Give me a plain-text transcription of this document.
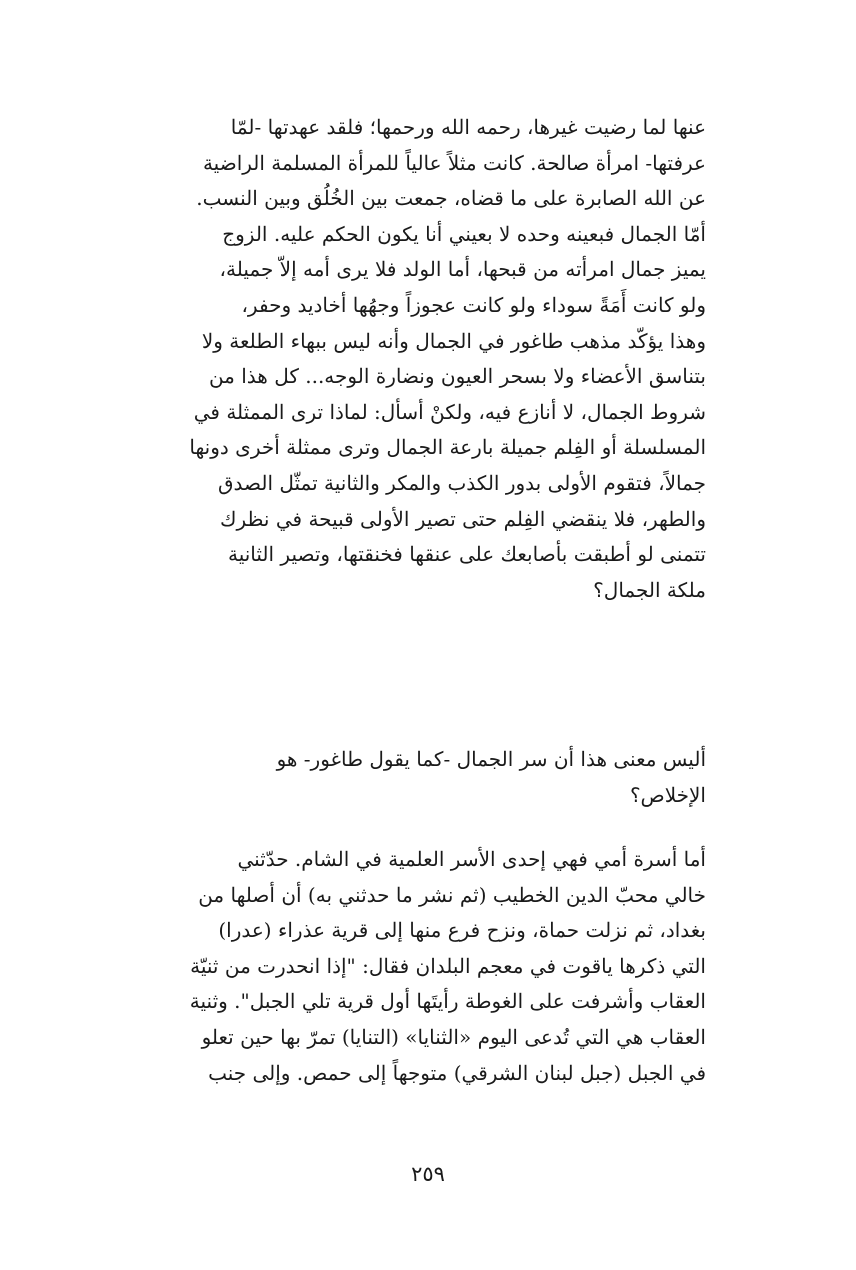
عنها لما رضيت غيرها، رحمه الله ورحمها؛ فلقد عهدتها -لمّا
عرفتها- امرأة صالحة. كانت مثلاً عالياً للمرأة المسلمة الراضية
عن الله الصابرة على ما قضاه، جمعت بين الخُلُق وبين النسب.
أمّا الجمال فبعينه وحده لا بعيني أنا يكون الحكم عليه. الزوج
يميز جمال امرأته من قبحها، أما الولد فلا يرى أمه إلاّ جميلة،
ولو كانت أَمَةً سوداء ولو كانت عجوزاً وجهُها أخاديد وحفر،
وهذا يؤكّد مذهب طاغور في الجمال وأنه ليس ببهاء الطلعة ولا
بتناسق الأعضاء ولا بسحر العيون ونضارة الوجه... كل هذا من
شروط الجمال، لا أنازع فيه، ولكنْ أسأل: لماذا ترى الممثلة في
المسلسلة أو الفِلم جميلة بارعة الجمال وترى ممثلة أخرى دونها
جمالاً، فتقوم الأولى بدور الكذب والمكر والثانية تمثّل الصدق
والطهر، فلا ينقضي الفِلم حتى تصير الأولى قبيحة في نظرك
تتمنى لو أطبقت بأصابعك على عنقها فخنقتها، وتصير الثانية
ملكة الجمال؟
أليس معنى هذا أن سر الجمال -كما يقول طاغور- هو
الإخلاص؟
أما أسرة أمي فهي إحدى الأسر العلمية في الشام. حدّثني
خالي محبّ الدين الخطيب (ثم نشر ما حدثني به) أن أصلها من
بغداد، ثم نزلت حماة، ونزح فرع منها إلى قرية عذراء (عدرا)
التي ذكرها ياقوت في معجم البلدان فقال: "إذا انحدرت من ثنيّة
العقاب وأشرفت على الغوطة رأيتَها أول قرية تلي الجبل". وثنية
العقاب هي التي تُدعى اليوم «الثنايا» (التنايا) تمرّ بها حين تعلو
في الجبل (جبل لبنان الشرقي) متوجهاً إلى حمص. وإلى جنب
٢٥٩
